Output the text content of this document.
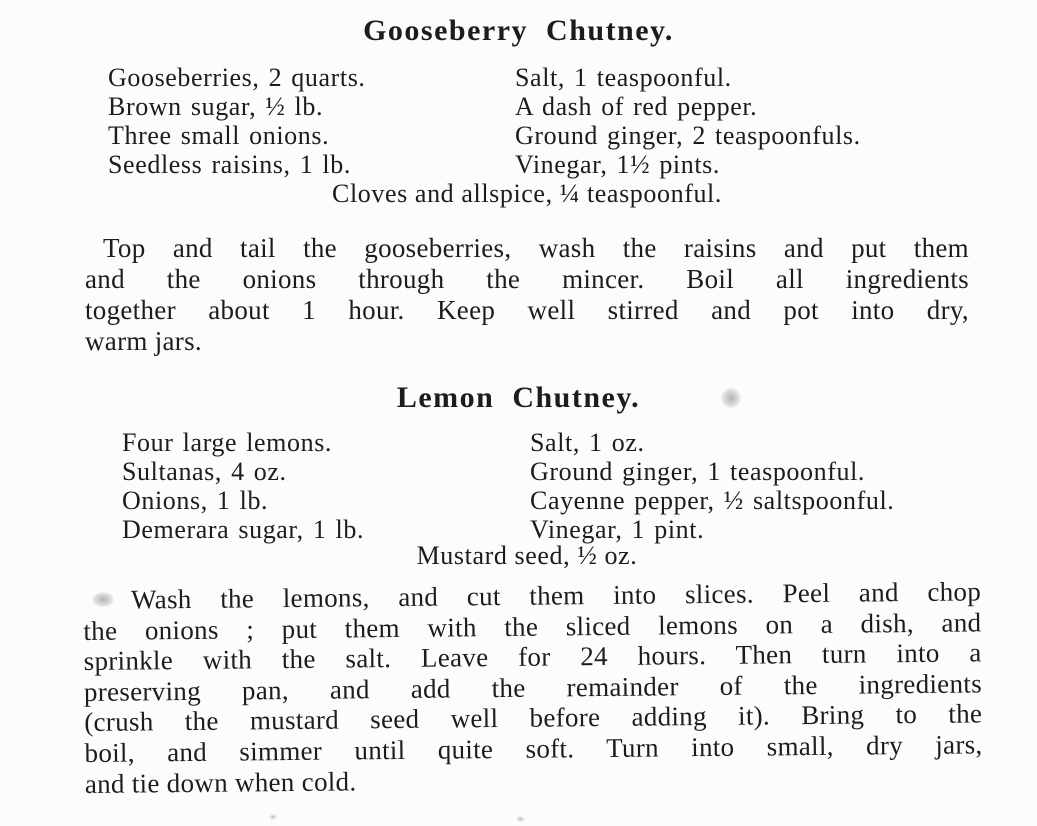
Gooseberry Chutney.
Gooseberries, 2 quarts.	Salt, 1 teaspoonful.
Brown sugar, ½ lb.	A dash of red pepper.
Three small onions.	Ground ginger, 2 teaspoonfuls.
Seedless raisins, 1 lb.	Vinegar, 1½ pints.
Cloves and allspice, ¼ teaspoonful.
Top and tail the gooseberries, wash the raisins and put them
and the onions through the mincer. Boil all ingredients
together about 1 hour. Keep well stirred and pot into dry,
warm jars.
Lemon Chutney.
Four large lemons.	Salt, 1 oz.
Sultanas, 4 oz.	Ground ginger, 1 teaspoonful.
Onions, 1 lb.	Cayenne pepper, ½ saltspoonful.
Demerara sugar, 1 lb.	Vinegar, 1 pint.
Mustard seed, ½ oz.
Wash the lemons, and cut them into slices. Peel and chop
the onions ; put them with the sliced lemons on a dish, and
sprinkle with the salt. Leave for 24 hours. Then turn into a
preserving pan, and add the remainder of the ingredients
(crush the mustard seed well before adding it). Bring to the
boil, and simmer until quite soft. Turn into small, dry jars,
and tie down when cold.
